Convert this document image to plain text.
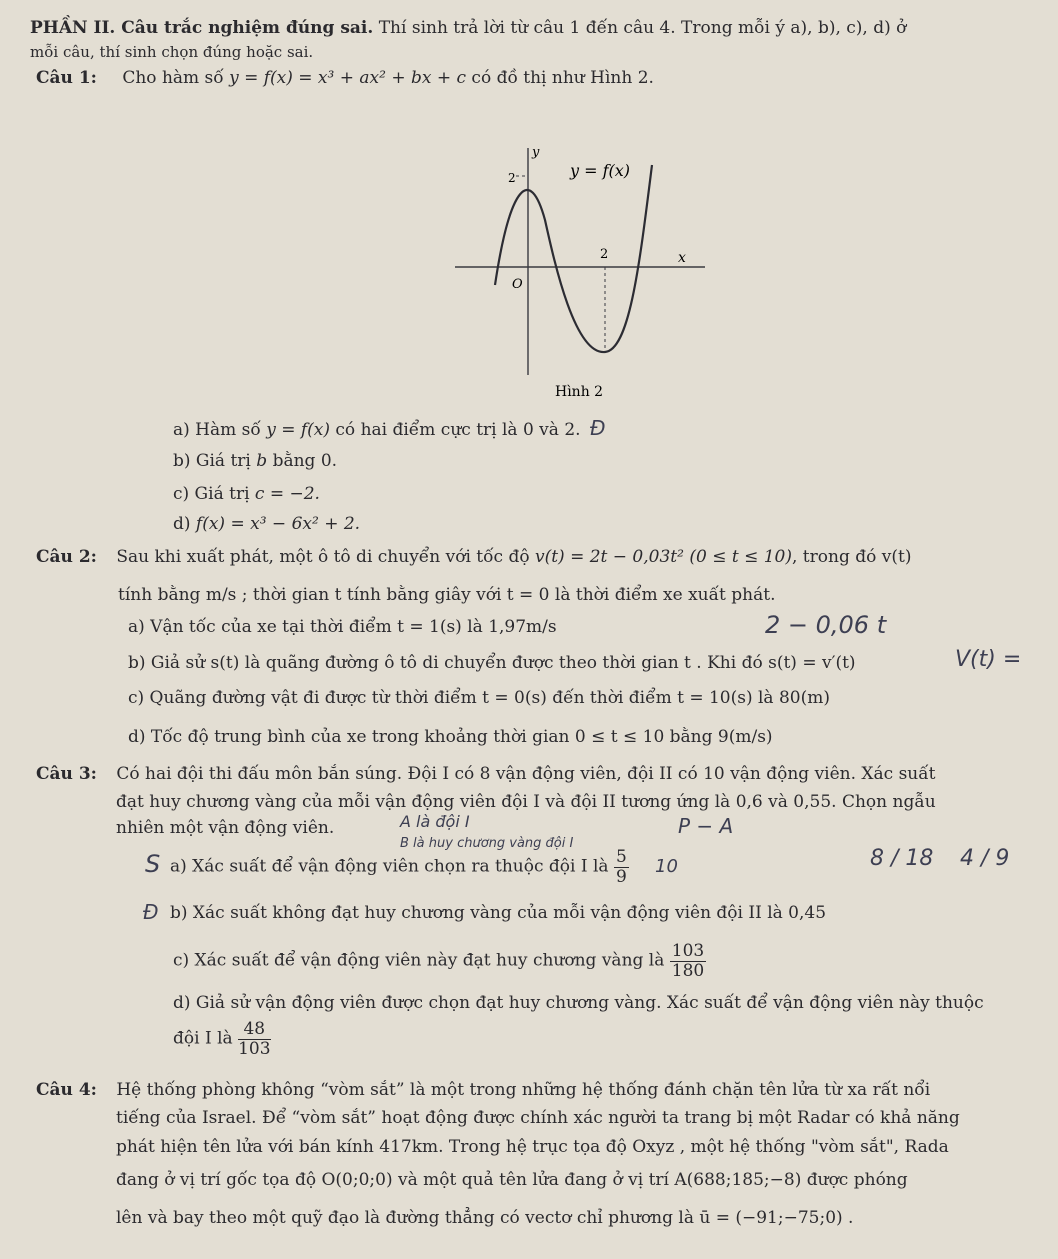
PHẦN II. Câu trắc nghiệm đúng sai. Thí sinh trả lời từ câu 1 đến câu 4. Trong mỗi ý a), b), c), d) ở
mỗi câu, thí sinh chọn đúng hoặc sai.
Câu 1: Cho hàm số y = f(x) = x³ + ax² + bx + c có đồ thị như Hình 2.
y = f(x)
y
x
O
2
2
Hình 2
a) Hàm số y = f(x) có hai điểm cực trị là 0 và 2. Đ
b) Giá trị b bằng 0.
c) Giá trị c = −2.
d) f(x) = x³ − 6x² + 2.
Câu 2: Sau khi xuất phát, một ô tô di chuyển với tốc độ v(t) = 2t − 0,03t² (0 ≤ t ≤ 10), trong đó v(t)
tính bằng m/s ; thời gian t tính bằng giây với t = 0 là thời điểm xe xuất phát.
a) Vận tốc của xe tại thời điểm t = 1(s) là 1,97m/s	2 − 0,06 t
b) Giả sử s(t) là quãng đường ô tô di chuyển được theo thời gian t . Khi đó s(t) = v′(t)	V(t) =
c) Quãng đường vật đi được từ thời điểm t = 0(s) đến thời điểm t = 10(s) là 80(m)
d) Tốc độ trung bình của xe trong khoảng thời gian 0 ≤ t ≤ 10 bằng 9(m/s)
Câu 3: Có hai đội thi đấu môn bắn súng. Đội I có 8 vận động viên, đội II có 10 vận động viên. Xác suất
đạt huy chương vàng của mỗi vận động viên đội I và đội II tương ứng là 0,6 và 0,55. Chọn ngẫu
nhiên một vận động viên.	A là đội I
B là huy chương vàng đội I
P − A
S a) Xác suất để vận động viên chọn ra thuộc đội I là $\frac{5}{9} 10$	8 / 18 4 / 9
Đ b) Xác suất không đạt huy chương vàng của mỗi vận động viên đội II là 0,45
c) Xác suất để vận động viên này đạt huy chương vàng là $\frac{103}{180}$
d) Giả sử vận động viên được chọn đạt huy chương vàng. Xác suất để vận động viên này thuộc
đội I là $\frac{48}{103}$
Câu 4: Hệ thống phòng không “vòm sắt” là một trong những hệ thống đánh chặn tên lửa từ xa rất nổi
tiếng của Israel. Để “vòm sắt” hoạt động được chính xác người ta trang bị một Radar có khả năng
phát hiện tên lửa với bán kính 417km. Trong hệ trục tọa độ Oxyz , một hệ thống "vòm sắt", Rada
đang ở vị trí gốc tọa độ O(0;0;0) và một quả tên lửa đang ở vị trí A(688;185;−8) được phóng
lên và bay theo một quỹ đạo là đường thẳng có vectơ chỉ phương là ū = (−91;−75;0) .
